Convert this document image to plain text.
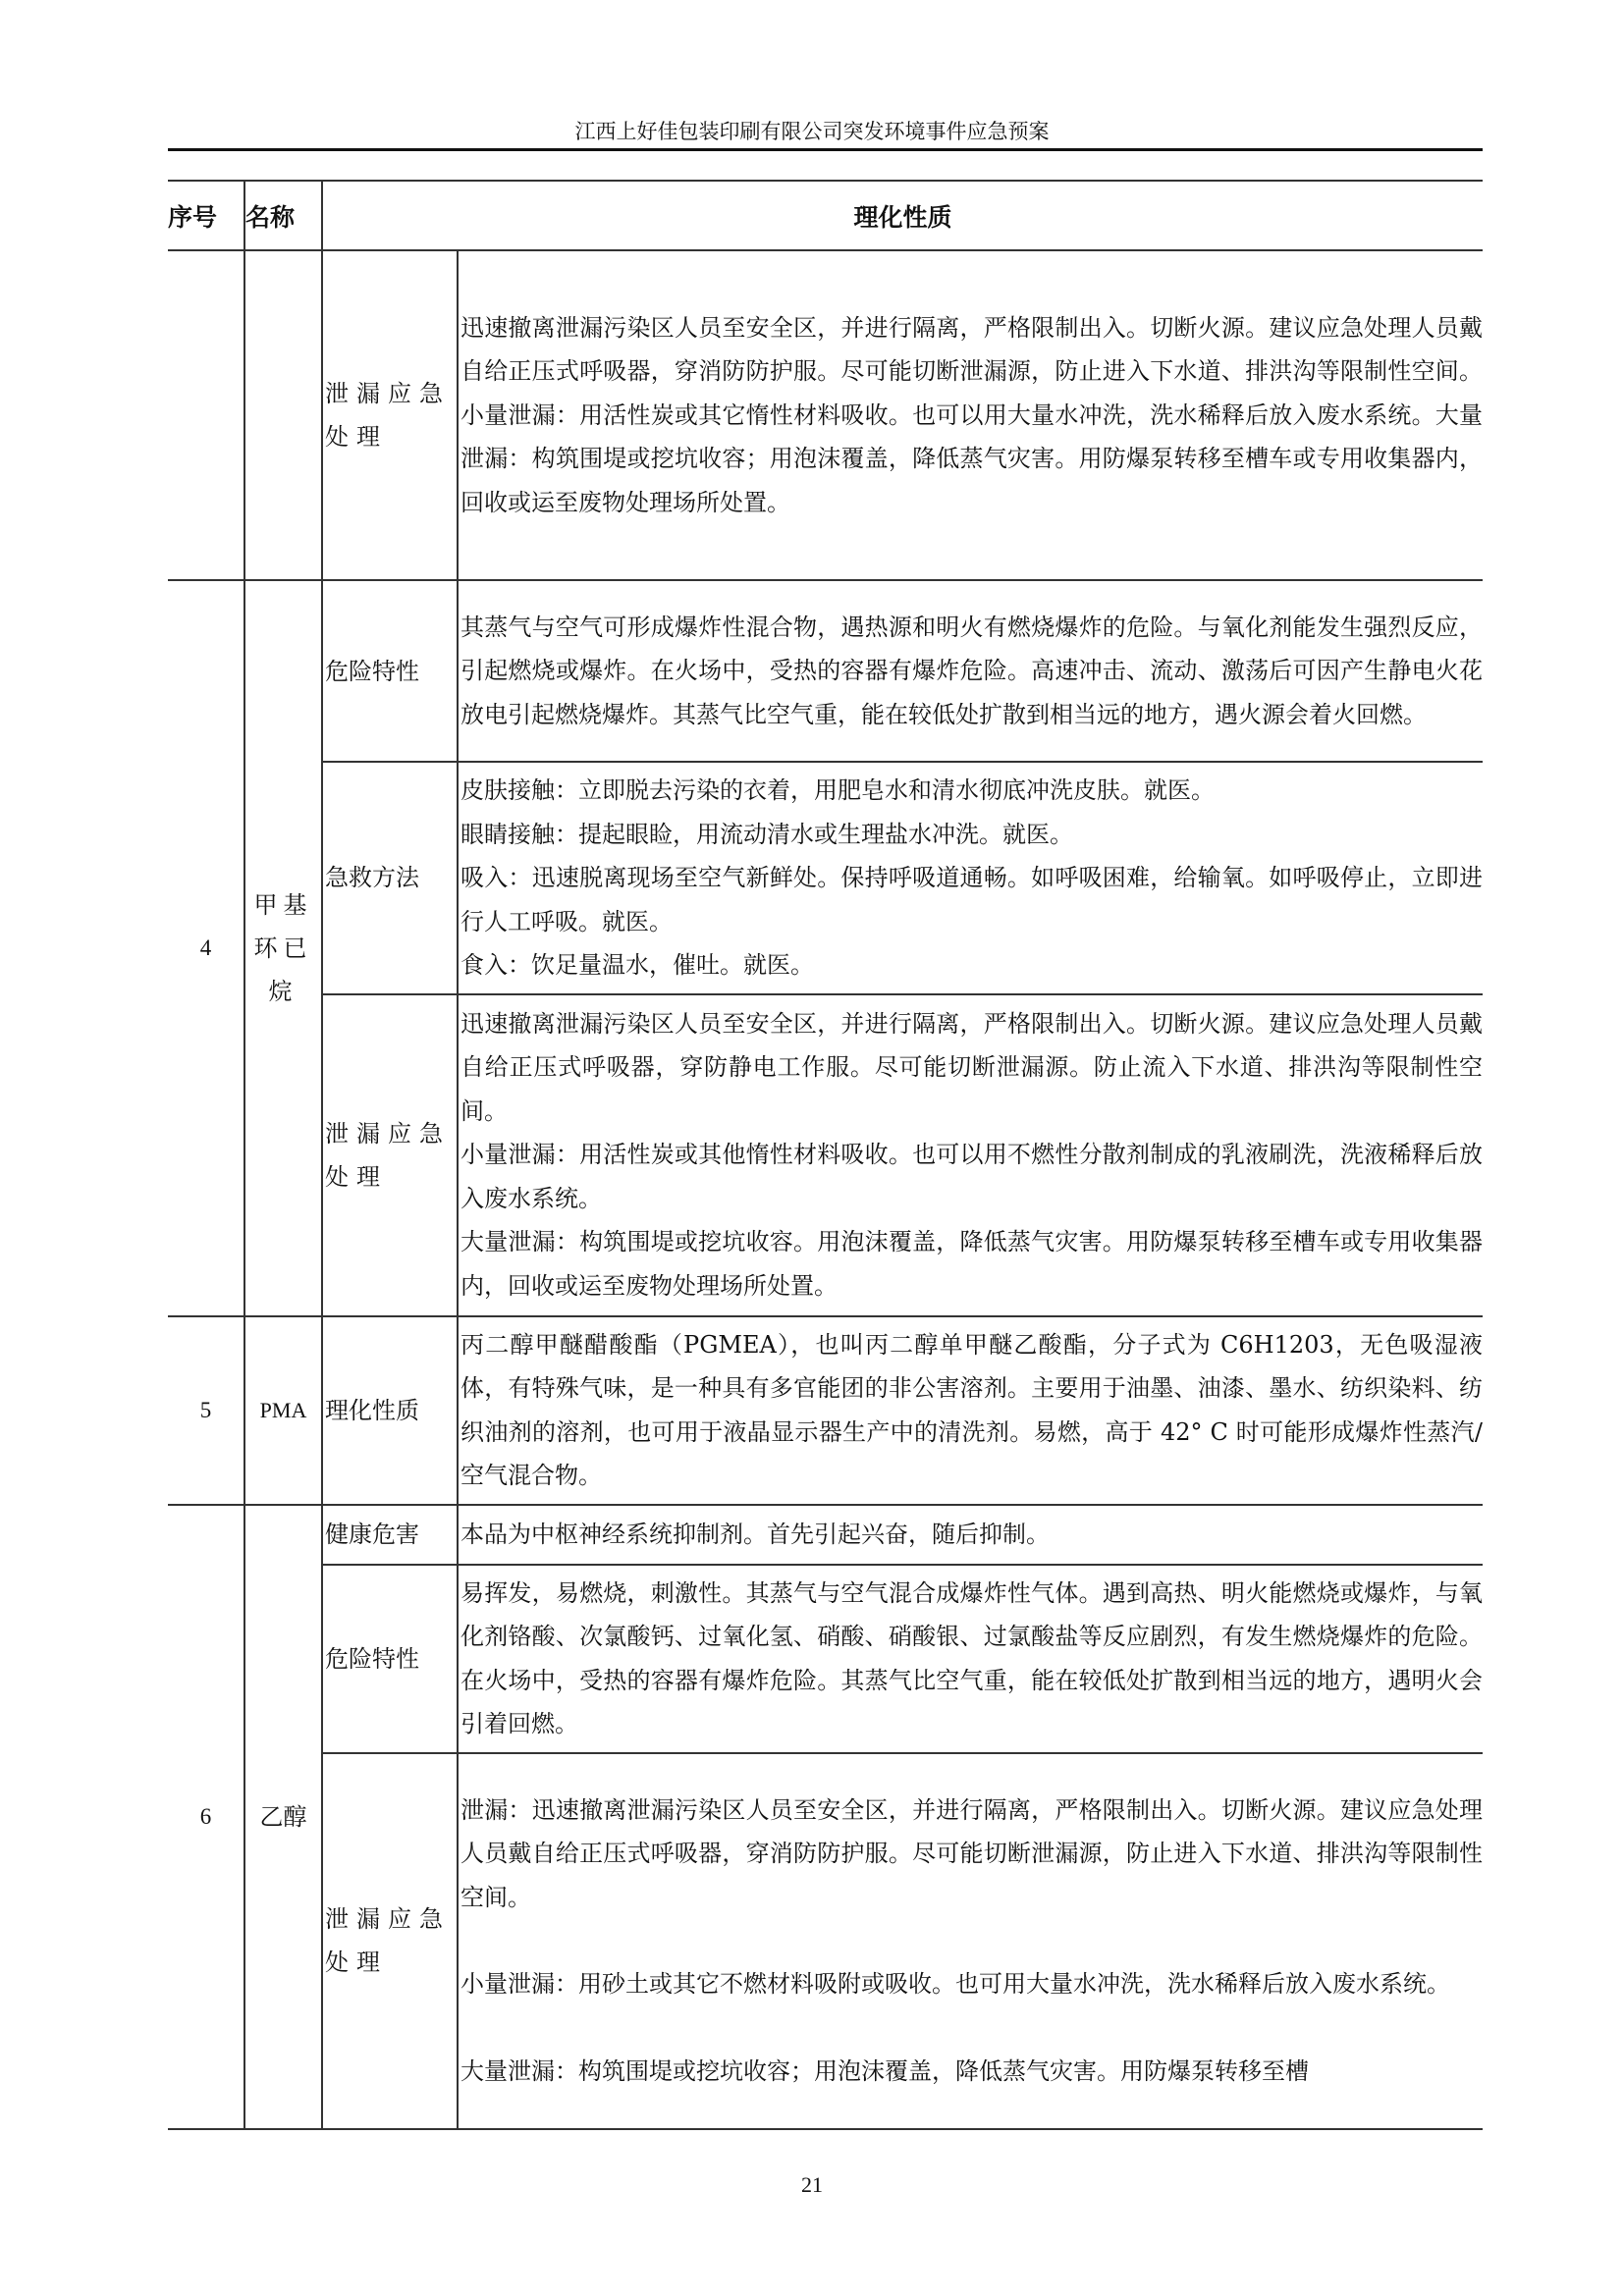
江西上好佳包装印刷有限公司突发环境事件应急预案
序号	名称	理化性质	
		泄漏应急处理	迅速撤离泄漏污染区人员至安全区，并进行隔离，严格限制出入。切断火源。建议应急处理人员戴自给正压式呼吸器，穿消防防护服。尽可能切断泄漏源，防止进入下水道、排洪沟等限制性空间。小量泄漏：用活性炭或其它惰性材料吸收。也可以用大量水冲洗，洗水稀释后放入废水系统。大量泄漏：构筑围堤或挖坑收容；用泡沫覆盖，降低蒸气灾害。用防爆泵转移至槽车或专用收集器内，回收或运至废物处理场所处置。

4	甲基环已烷	危险特性	其蒸气与空气可形成爆炸性混合物，遇热源和明火有燃烧爆炸的危险。与氧化剂能发生强烈反应，引起燃烧或爆炸。在火场中，受热的容器有爆炸危险。高速冲击、流动、激荡后可因产生静电火花放电引起燃烧爆炸。其蒸气比空气重，能在较低处扩散到相当远的地方，遇火源会着火回燃。

		急救方法	皮肤接触：立即脱去污染的衣着，用肥皂水和清水彻底冲洗皮肤。就医。

眼睛接触：提起眼睑，用流动清水或生理盐水冲洗。就医。

吸入：迅速脱离现场至空气新鲜处。保持呼吸道通畅。如呼吸困难，给输氧。如呼吸停止，立即进行人工呼吸。就医。

食入：饮足量温水，催吐。就医。

		泄漏应急处理	迅速撤离泄漏污染区人员至安全区，并进行隔离，严格限制出入。切断火源。建议应急处理人员戴自给正压式呼吸器，穿防静电工作服。尽可能切断泄漏源。防止流入下水道、排洪沟等限制性空间。

小量泄漏：用活性炭或其他惰性材料吸收。也可以用不燃性分散剂制成的乳液刷洗，洗液稀释后放入废水系统。

大量泄漏：构筑围堤或挖坑收容。用泡沫覆盖，降低蒸气灾害。用防爆泵转移至槽车或专用收集器内，回收或运至废物处理场所处置。

5	PMA	理化性质	丙二醇甲醚醋酸酯（PGMEA），也叫丙二醇单甲醚乙酸酯，分子式为 C6H1203，无色吸湿液体，有特殊气味，是一种具有多官能团的非公害溶剂。主要用于油墨、油漆、墨水、纺织染料、纺织油剂的溶剂，也可用于液晶显示器生产中的清洗剂。易燃，高于 42° C 时可能形成爆炸性蒸汽/空气混合物。

6	乙醇	健康危害	本品为中枢神经系统抑制剂。首先引起兴奋，随后抑制。

		危险特性	易挥发，易燃烧，刺激性。其蒸气与空气混合成爆炸性气体。遇到高热、明火能燃烧或爆炸，与氧化剂铬酸、次氯酸钙、过氧化氢、硝酸、硝酸银、过氯酸盐等反应剧烈，有发生燃烧爆炸的危险。在火场中，受热的容器有爆炸危险。其蒸气比空气重，能在较低处扩散到相当远的地方，遇明火会引着回燃。

		泄漏应急处理	泄漏：迅速撤离泄漏污染区人员至安全区，并进行隔离，严格限制出入。切断火源。建议应急处理人员戴自给正压式呼吸器，穿消防防护服。尽可能切断泄漏源，防止进入下水道、排洪沟等限制性空间。

小量泄漏：用砂土或其它不燃材料吸附或吸收。也可用大量水冲洗，洗水稀释后放入废水系统。

大量泄漏：构筑围堤或挖坑收容；用泡沫覆盖，降低蒸气灾害。用防爆泵转移至槽

21
